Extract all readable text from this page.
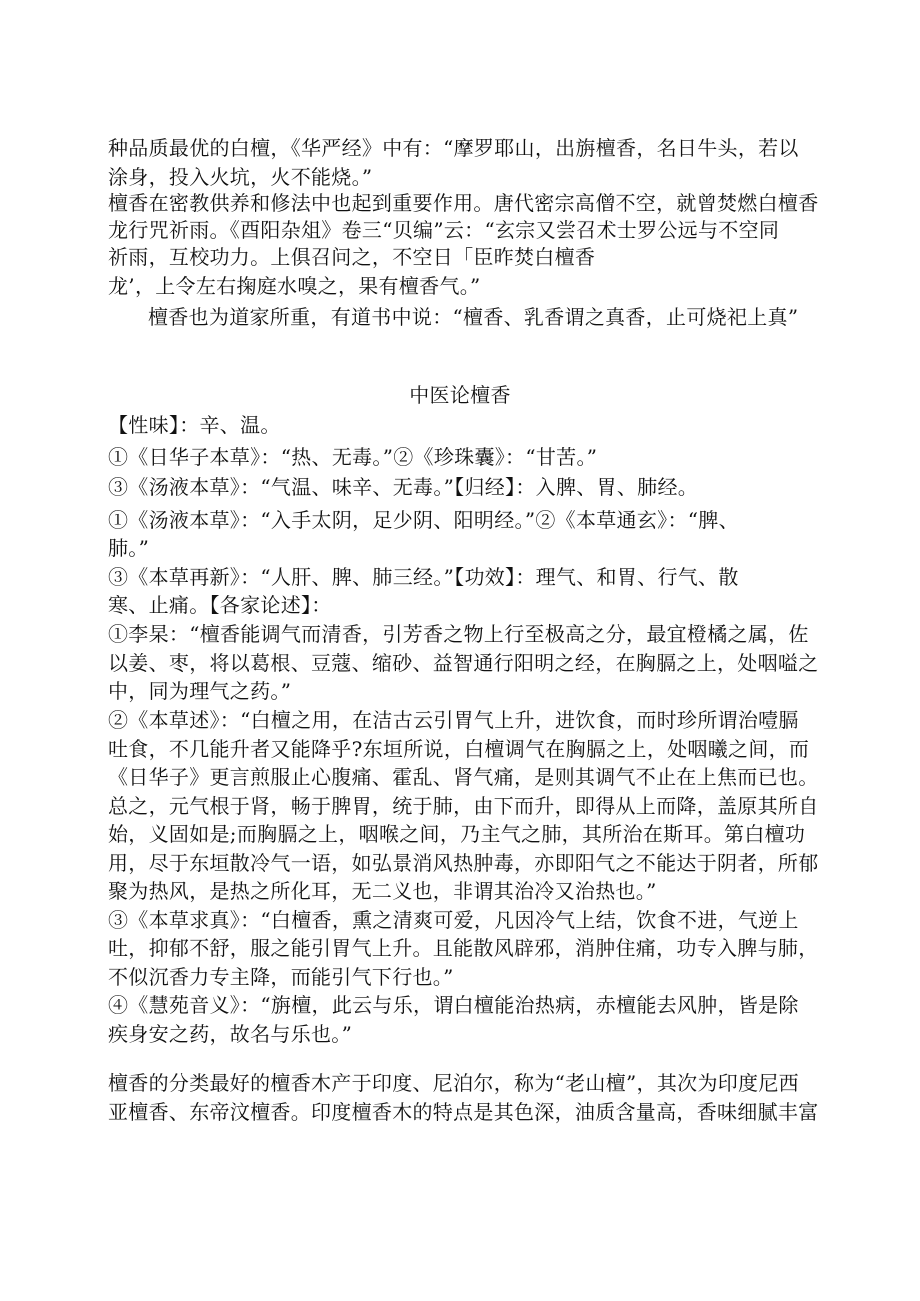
种品质最优的白檀，《华严经》中有：“摩罗耶山，出旃檀香，名日牛头，若以
涂身，投入火坑，火不能烧。”
檀香在密教供养和修法中也起到重要作用。唐代密宗高僧不空，就曾焚燃白檀香
龙行咒祈雨。《酉阳杂俎》卷三“贝编”云：“玄宗又尝召术士罗公远与不空同
祈雨，互校功力。上俱召问之，不空日「臣昨焚白檀香
龙’，上令左右掬庭水嗅之，果有檀香气。”
檀香也为道家所重，有道书中说：“檀香、乳香谓之真香，止可烧祀上真”
中医论檀香
【性味】：辛、温。
①《日华子本草》：“热、无毒。”②《珍珠囊》：“甘苦。”
③《汤液本草》：“气温、味辛、无毒。”【归经】：入脾、胃、肺经。
①《汤液本草》：“入手太阴，足少阴、阳明经。”②《本草通玄》：“脾、
肺。”
③《本草再新》：“人肝、脾、肺三经。”【功效】：理气、和胃、行气、散
寒、止痛。【各家论述】：
①李杲：“檀香能调气而清香，引芳香之物上行至极高之分，最宜橙橘之属，佐
以姜、枣，将以葛根、豆蔻、缩砂、益智通行阳明之经，在胸膈之上，处咽嗌之
中，同为理气之药。”
②《本草述》：“白檀之用，在洁古云引胃气上升，进饮食，而时珍所谓治噎膈
吐食，不几能升者又能降乎?东垣所说，白檀调气在胸膈之上，处咽曦之间，而
《日华子》更言煎服止心腹痛、霍乱、肾气痛，是则其调气不止在上焦而已也。
总之，元气根于肾，畅于脾胃，统于肺，由下而升，即得从上而降，盖原其所自
始，义固如是;而胸膈之上，咽喉之间，乃主气之肺，其所治在斯耳。第白檀功
用，尽于东垣散冷气一语，如弘景消风热肿毒，亦即阳气之不能达于阴者，所郁
聚为热风，是热之所化耳，无二义也，非谓其治冷又治热也。”
③《本草求真》：“白檀香，熏之清爽可爱，凡因冷气上结，饮食不进，气逆上
吐，抑郁不舒，服之能引胃气上升。且能散风辟邪，消肿住痛，功专入脾与肺，
不似沉香力专主降，而能引气下行也。”
④《慧苑音义》：“旃檀，此云与乐，谓白檀能治热病，赤檀能去风肿，皆是除
疾身安之药，故名与乐也。”
檀香的分类最好的檀香木产于印度、尼泊尔，称为“老山檀”，其次为印度尼西
亚檀香、东帝汶檀香。印度檀香木的特点是其色深，油质含量高，香味细腻丰富
